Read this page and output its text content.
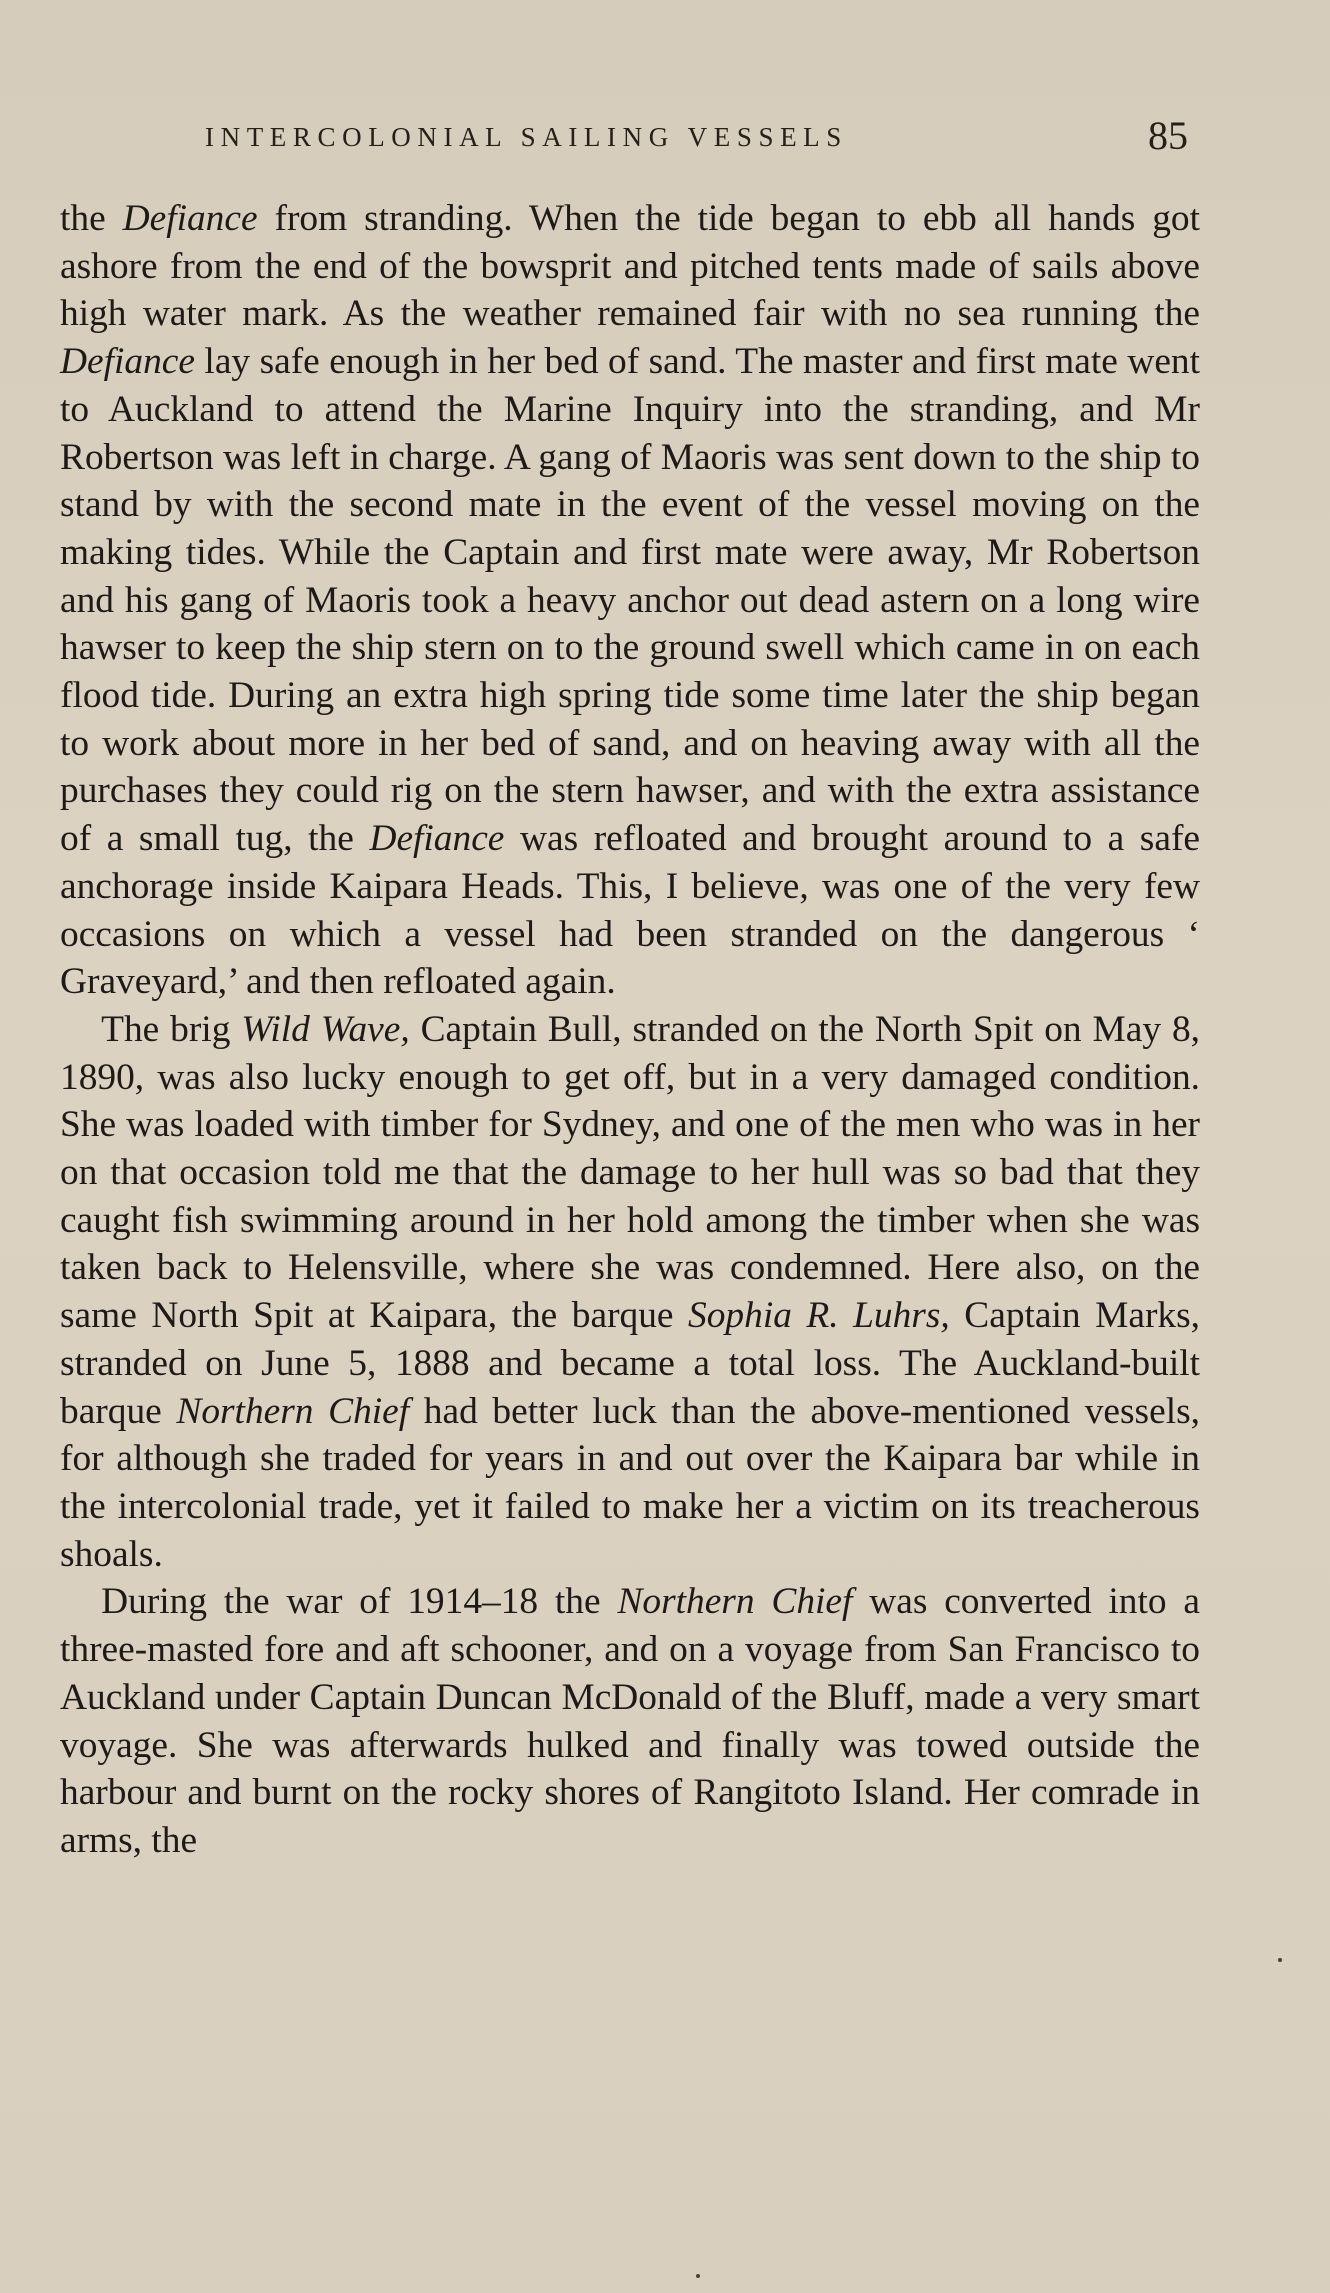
INTERCOLONIAL SAILING VESSELS	85

the Defiance from stranding. When the tide began to ebb all hands got ashore from the end of the bowsprit and pitched tents made of sails above high water mark. As the weather remained fair with no sea running the Defiance lay safe enough in her bed of sand. The master and first mate went to Auckland to attend the Marine Inquiry into the stranding, and Mr Robertson was left in charge. A gang of Maoris was sent down to the ship to stand by with the second mate in the event of the vessel moving on the making tides. While the Captain and first mate were away, Mr Robertson and his gang of Maoris took a heavy anchor out dead astern on a long wire hawser to keep the ship stern on to the ground swell which came in on each flood tide. During an extra high spring tide some time later the ship began to work about more in her bed of sand, and on heaving away with all the purchases they could rig on the stern hawser, and with the extra assistance of a small tug, the Defiance was refloated and brought around to a safe anchorage inside Kaipara Heads. This, I believe, was one of the very few occasions on which a vessel had been stranded on the dangerous ‘ Graveyard,’ and then refloated again.

The brig Wild Wave, Captain Bull, stranded on the North Spit on May 8, 1890, was also lucky enough to get off, but in a very damaged condition. She was loaded with timber for Sydney, and one of the men who was in her on that occasion told me that the damage to her hull was so bad that they caught fish swimming around in her hold among the timber when she was taken back to Helensville, where she was condemned. Here also, on the same North Spit at Kaipara, the barque Sophia R. Luhrs, Captain Marks, stranded on June 5, 1888 and became a total loss. The Auckland-built barque Northern Chief had better luck than the above-mentioned vessels, for although she traded for years in and out over the Kaipara bar while in the intercolonial trade, yet it failed to make her a victim on its treacherous shoals.

During the war of 1914–18 the Northern Chief was converted into a three-masted fore and aft schooner, and on a voyage from San Francisco to Auckland under Captain Duncan McDonald of the Bluff, made a very smart voyage. She was afterwards hulked and finally was towed outside the harbour and burnt on the rocky shores of Rangitoto Island. Her comrade in arms, the
